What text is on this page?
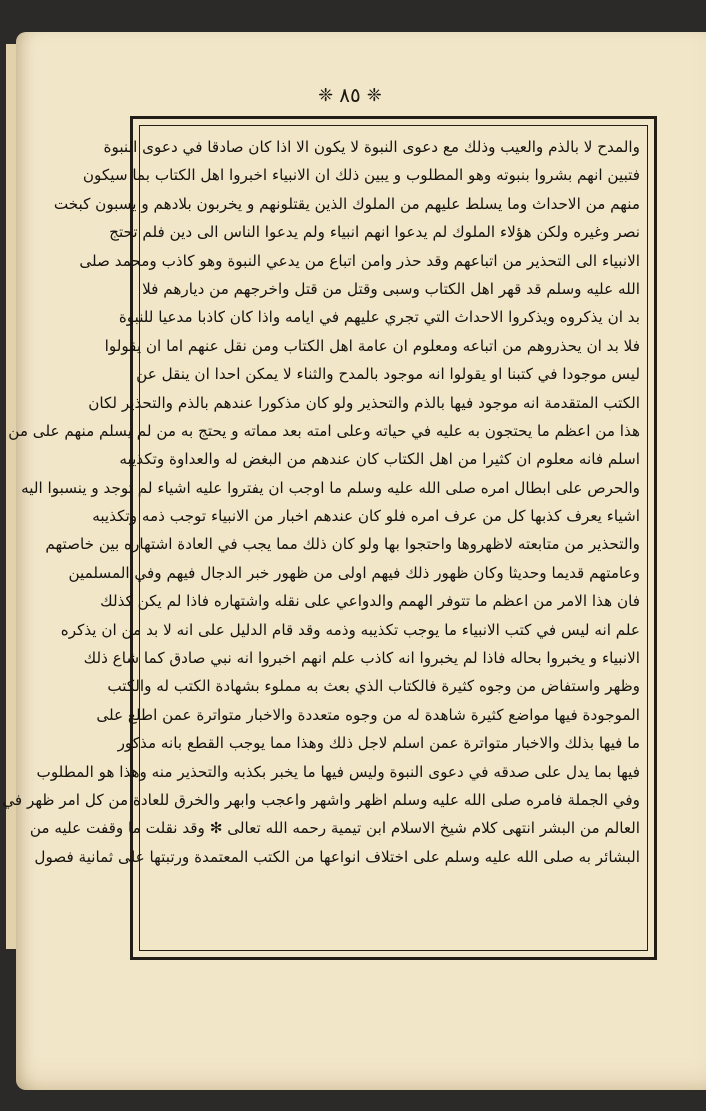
❈
٨٥
❈
والمدح لا بالذم والعيب وذلك مع دعوى النبوة لا يكون الا اذا كان صادقا في دعوى النبوة
فتبين انهم بشروا بنبوته وهو المطلوب و يبين ذلك ان الانبياء اخبروا اهل الكتاب بما سيكون
منهم من الاحداث وما يسلط عليهم من الملوك الذين يقتلونهم و يخربون بلادهم و يسبون كبخت
نصر وغيره ولكن هؤلاء الملوك لم يدعوا انهم انبياء ولم يدعوا الناس الى دين فلم تحتج
الانبياء الى التحذير من اتباعهم وقد حذر وامن اتباع من يدعي النبوة وهو كاذب ومحمد صلى
الله عليه وسلم قد قهر اهل الكتاب وسبى وقتل من قتل واخرجهم من ديارهم فلا
بد ان يذكروه ويذكروا الاحداث التي تجري عليهم في ايامه واذا كان كاذبا مدعيا للنبوة
فلا بد ان يحذروهم من اتباعه ومعلوم ان عامة اهل الكتاب ومن نقل عنهم اما ان يقولوا
ليس موجودا في كتبنا او يقولوا انه موجود بالمدح والثناء لا يمكن احدا ان ينقل عن
الكتب المتقدمة انه موجود فيها بالذم والتحذير ولو كان مذكورا عندهم بالذم والتحذير لكان
هذا من اعظم ما يحتجون به عليه في حياته وعلى امته بعد مماته و يحتج به من لم يسلم منهم على من
اسلم فانه معلوم ان كثيرا من اهل الكتاب كان عندهم من البغض له والعداوة وتكذيبه
والحرص على ابطال امره صلى الله عليه وسلم ما اوجب ان يفتروا عليه اشياء لم توجد و ينسبوا اليه
اشياء يعرف كذبها كل من عرف امره فلو كان عندهم اخبار من الانبياء توجب ذمه وتكذيبه
والتحذير من متابعته لاظهروها واحتجوا بها ولو كان ذلك مما يجب في العادة اشتهاره بين خاصتهم
وعامتهم قديما وحديثا وكان ظهور ذلك فيهم اولى من ظهور خبر الدجال فيهم وفي المسلمين
فان هذا الامر من اعظم ما تتوفر الهمم والدواعي على نقله واشتهاره فاذا لم يكن كذلك
علم انه ليس في كتب الانبياء ما يوجب تكذيبه وذمه وقد قام الدليل على انه لا بد من ان يذكره
الانبياء و يخبروا بحاله فاذا لم يخبروا انه كاذب علم انهم اخبروا انه نبي صادق كما شاع ذلك
وظهر واستفاض من وجوه كثيرة فالكتاب الذي بعث به مملوء بشهادة الكتب له والكتب
الموجودة فيها مواضع كثيرة شاهدة له من وجوه متعددة والاخبار متواترة عمن اطلع على
ما فيها بذلك والاخبار متواترة عمن اسلم لاجل ذلك وهذا مما يوجب القطع بانه مذكور
فيها بما يدل على صدقه في دعوى النبوة وليس فيها ما يخبر بكذبه والتحذير منه وهذا هو المطلوب
وفي الجملة فامره صلى الله عليه وسلم اظهر واشهر واعجب وابهر والخرق للعادة من كل امر ظهر في
العالم من البشر انتهى كلام شيخ الاسلام ابن تيمية رحمه الله تعالى ✻ وقد نقلت ما وقفت عليه من
البشائر به صلى الله عليه وسلم على اختلاف انواعها من الكتب المعتمدة ورتبتها على ثمانية فصول
